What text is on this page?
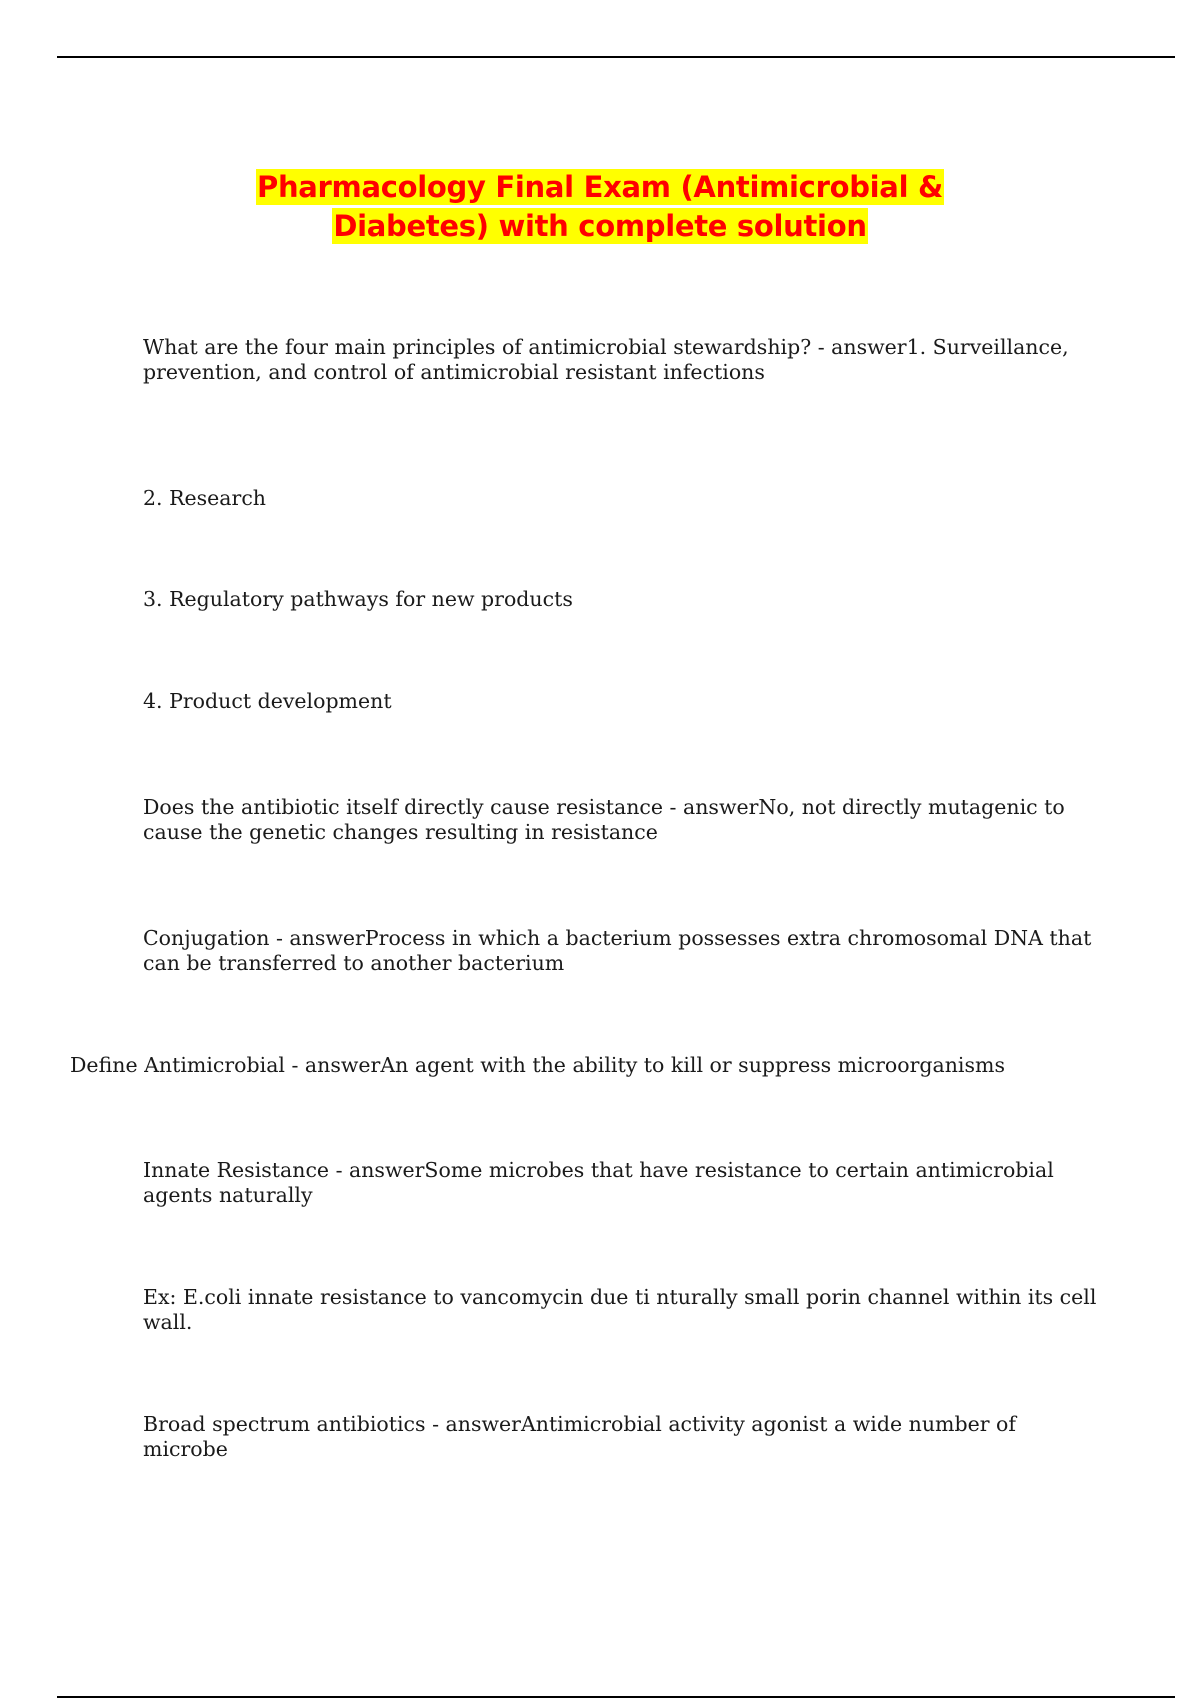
Pharmacology Final Exam (Antimicrobial &
Diabetes) with complete solution

What are the four main principles of antimicrobial stewardship? - answer1. Surveillance, prevention, and control of antimicrobial resistant infections

2. Research

3. Regulatory pathways for new products

4. Product development

Does the antibiotic itself directly cause resistance - answerNo, not directly mutagenic to cause the genetic changes resulting in resistance

Conjugation - answerProcess in which a bacterium possesses extra chromosomal DNA that can be transferred to another bacterium

Define Antimicrobial - answerAn agent with the ability to kill or suppress microorganisms

Innate Resistance - answerSome microbes that have resistance to certain antimicrobial agents naturally

Ex: E.coli innate resistance to vancomycin due ti nturally small porin channel within its cell wall.

Broad spectrum antibiotics - answerAntimicrobial activity agonist a wide number of microbe
